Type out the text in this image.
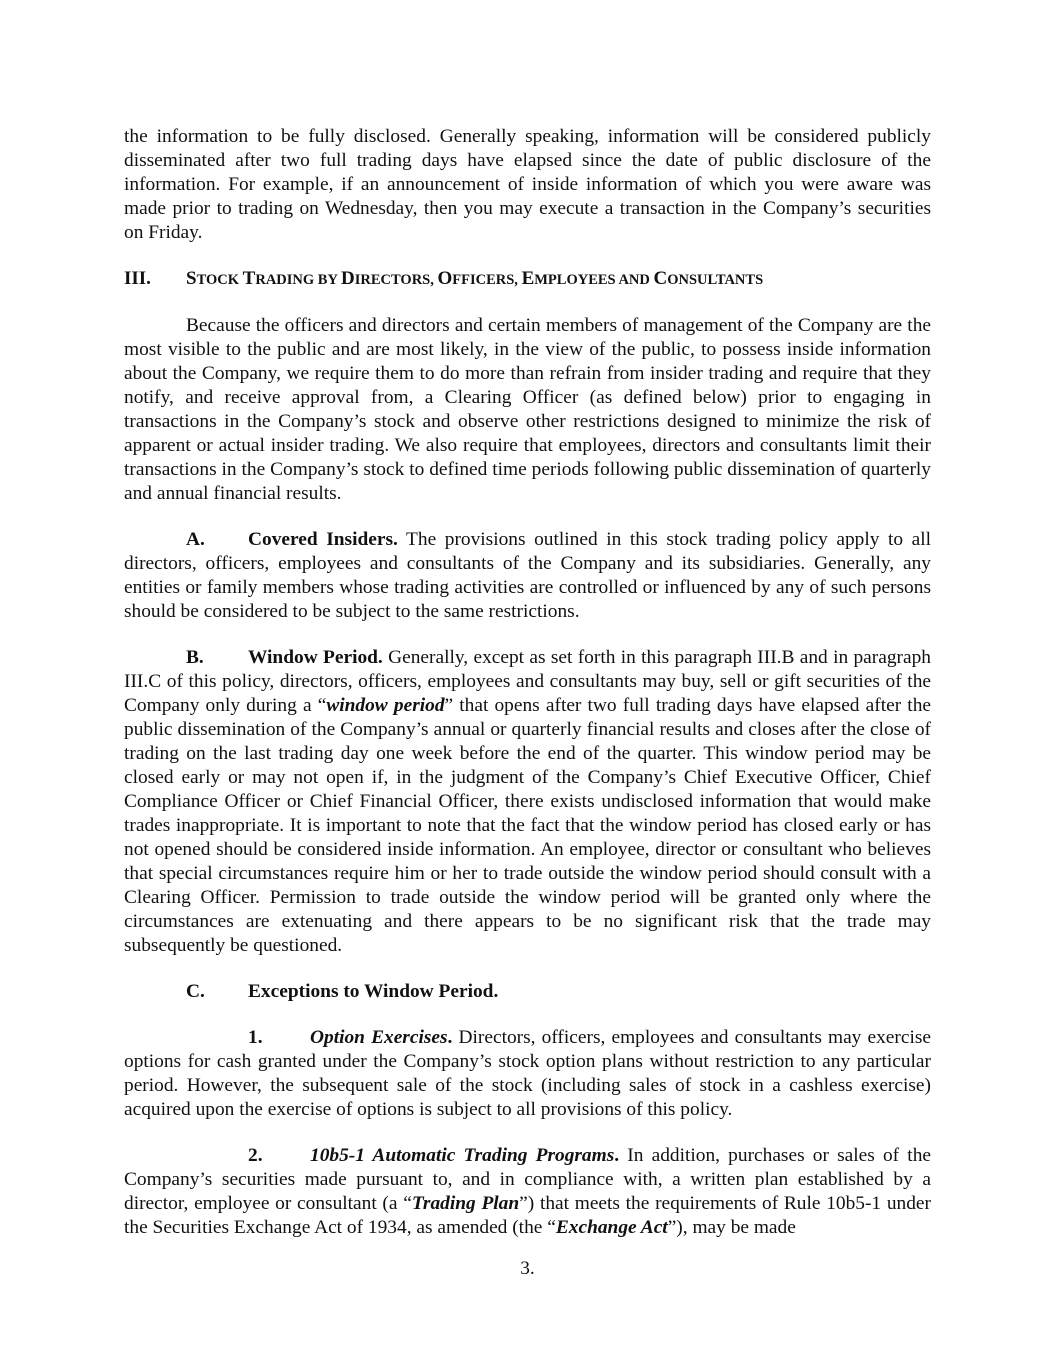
the information to be fully disclosed. Generally speaking, information will be considered publicly disseminated after two full trading days have elapsed since the date of public disclosure of the information. For example, if an announcement of inside information of which you were aware was made prior to trading on Wednesday, then you may execute a transaction in the Company’s securities on Friday.

III.	STOCK TRADING BY DIRECTORS, OFFICERS, EMPLOYEES AND CONSULTANTS

Because the officers and directors and certain members of management of the Company are the most visible to the public and are most likely, in the view of the public, to possess inside information about the Company, we require them to do more than refrain from insider trading and require that they notify, and receive approval from, a Clearing Officer (as defined below) prior to engaging in transactions in the Company’s stock and observe other restrictions designed to minimize the risk of apparent or actual insider trading. We also require that employees, directors and consultants limit their transactions in the Company’s stock to defined time periods following public dissemination of quarterly and annual financial results.

A. Covered Insiders. The provisions outlined in this stock trading policy apply to all directors, officers, employees and consultants of the Company and its subsidiaries. Generally, any entities or family members whose trading activities are controlled or influenced by any of such persons should be considered to be subject to the same restrictions.

B. Window Period. Generally, except as set forth in this paragraph III.B and in paragraph III.C of this policy, directors, officers, employees and consultants may buy, sell or gift securities of the Company only during a “window period” that opens after two full trading days have elapsed after the public dissemination of the Company’s annual or quarterly financial results and closes after the close of trading on the last trading day one week before the end of the quarter. This window period may be closed early or may not open if, in the judgment of the Company’s Chief Executive Officer, Chief Compliance Officer or Chief Financial Officer, there exists undisclosed information that would make trades inappropriate. It is important to note that the fact that the window period has closed early or has not opened should be considered inside information. An employee, director or consultant who believes that special circumstances require him or her to trade outside the window period should consult with a Clearing Officer. Permission to trade outside the window period will be granted only where the circumstances are extenuating and there appears to be no significant risk that the trade may subsequently be questioned.

C. Exceptions to Window Period.

1. Option Exercises. Directors, officers, employees and consultants may exercise options for cash granted under the Company’s stock option plans without restriction to any particular period. However, the subsequent sale of the stock (including sales of stock in a cashless exercise) acquired upon the exercise of options is subject to all provisions of this policy.

2. 10b5-1 Automatic Trading Programs. In addition, purchases or sales of the Company’s securities made pursuant to, and in compliance with, a written plan established by a director, employee or consultant (a “Trading Plan”) that meets the requirements of Rule 10b5-1 under the Securities Exchange Act of 1934, as amended (the “Exchange Act”), may be made

3.
